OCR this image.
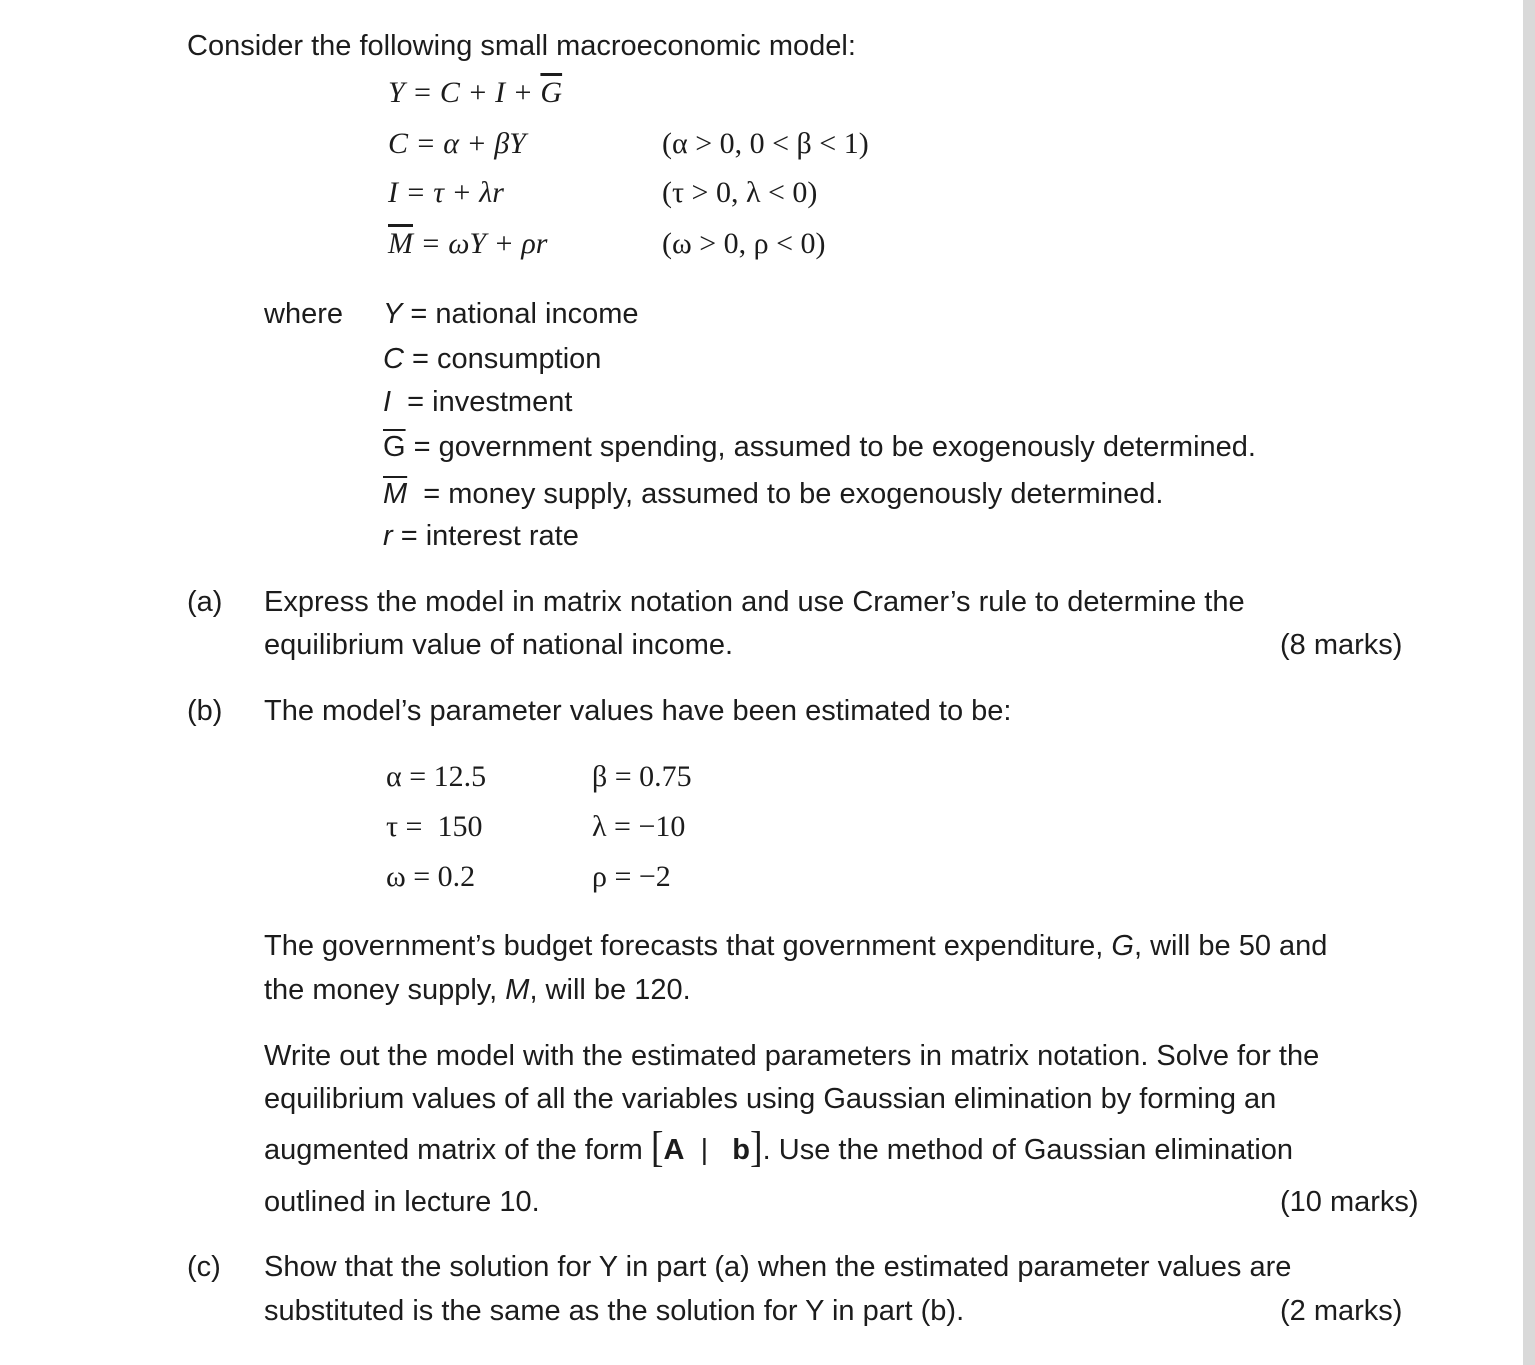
Consider the following small macroeconomic model:
$Y = C + I + \overline{G}$
C = α + βY	(α > 0, 0 < β < 1)
I = τ + λr	(τ > 0, λ < 0)
$\overline{M} = \omega Y + \rho r$	(ω > 0, ρ < 0)
where Y = national income
C = consumption
I  = investment
$\overline{G}$ = government spending, assumed to be exogenously determined.
$\overline{M}$  = money supply, assumed to be exogenously determined.
r = interest rate
(a) Express the model in matrix notation and use Cramer’s rule to determine the
equilibrium value of national income.	(8 marks)
(b) The model’s parameter values have been estimated to be:
α = 12.5	β = 0.75
τ =  150	λ = −10
ω = 0.2	ρ = −2
The government’s budget forecasts that government expenditure, G, will be 50 and
the money supply, M, will be 120.
Write out the model with the estimated parameters in matrix notation. Solve for the
equilibrium values of all the variables using Gaussian elimination by forming an
augmented matrix of the form [A | b]. Use the method of Gaussian elimination
outlined in lecture 10.	(10 marks)
(c) Show that the solution for Y in part (a) when the estimated parameter values are
substituted is the same as the solution for Y in part (b).	(2 marks)
